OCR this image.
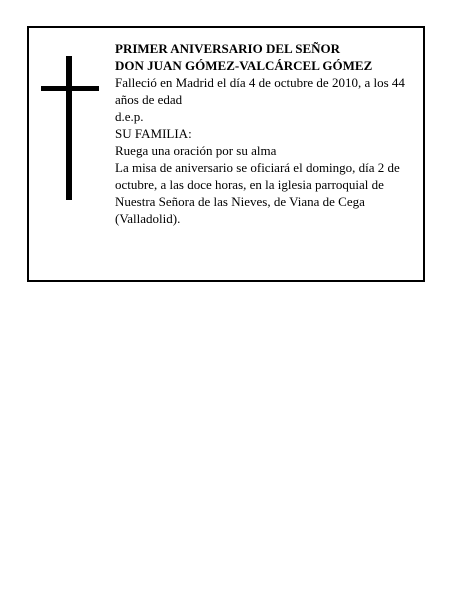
PRIMER ANIVERSARIO DEL SEÑOR

DON JUAN GÓMEZ-VALCÁRCEL GÓMEZ

Falleció en Madrid el día 4 de octubre de 2010, a los 44 años de edad

d.e.p.

SU FAMILIA:

Ruega una oración por su alma

La misa de aniversario se oficiará el domingo, día 2 de octubre, a las doce horas, en la iglesia parroquial de Nuestra Señora de las Nieves, de Viana de Cega (Valladolid).
